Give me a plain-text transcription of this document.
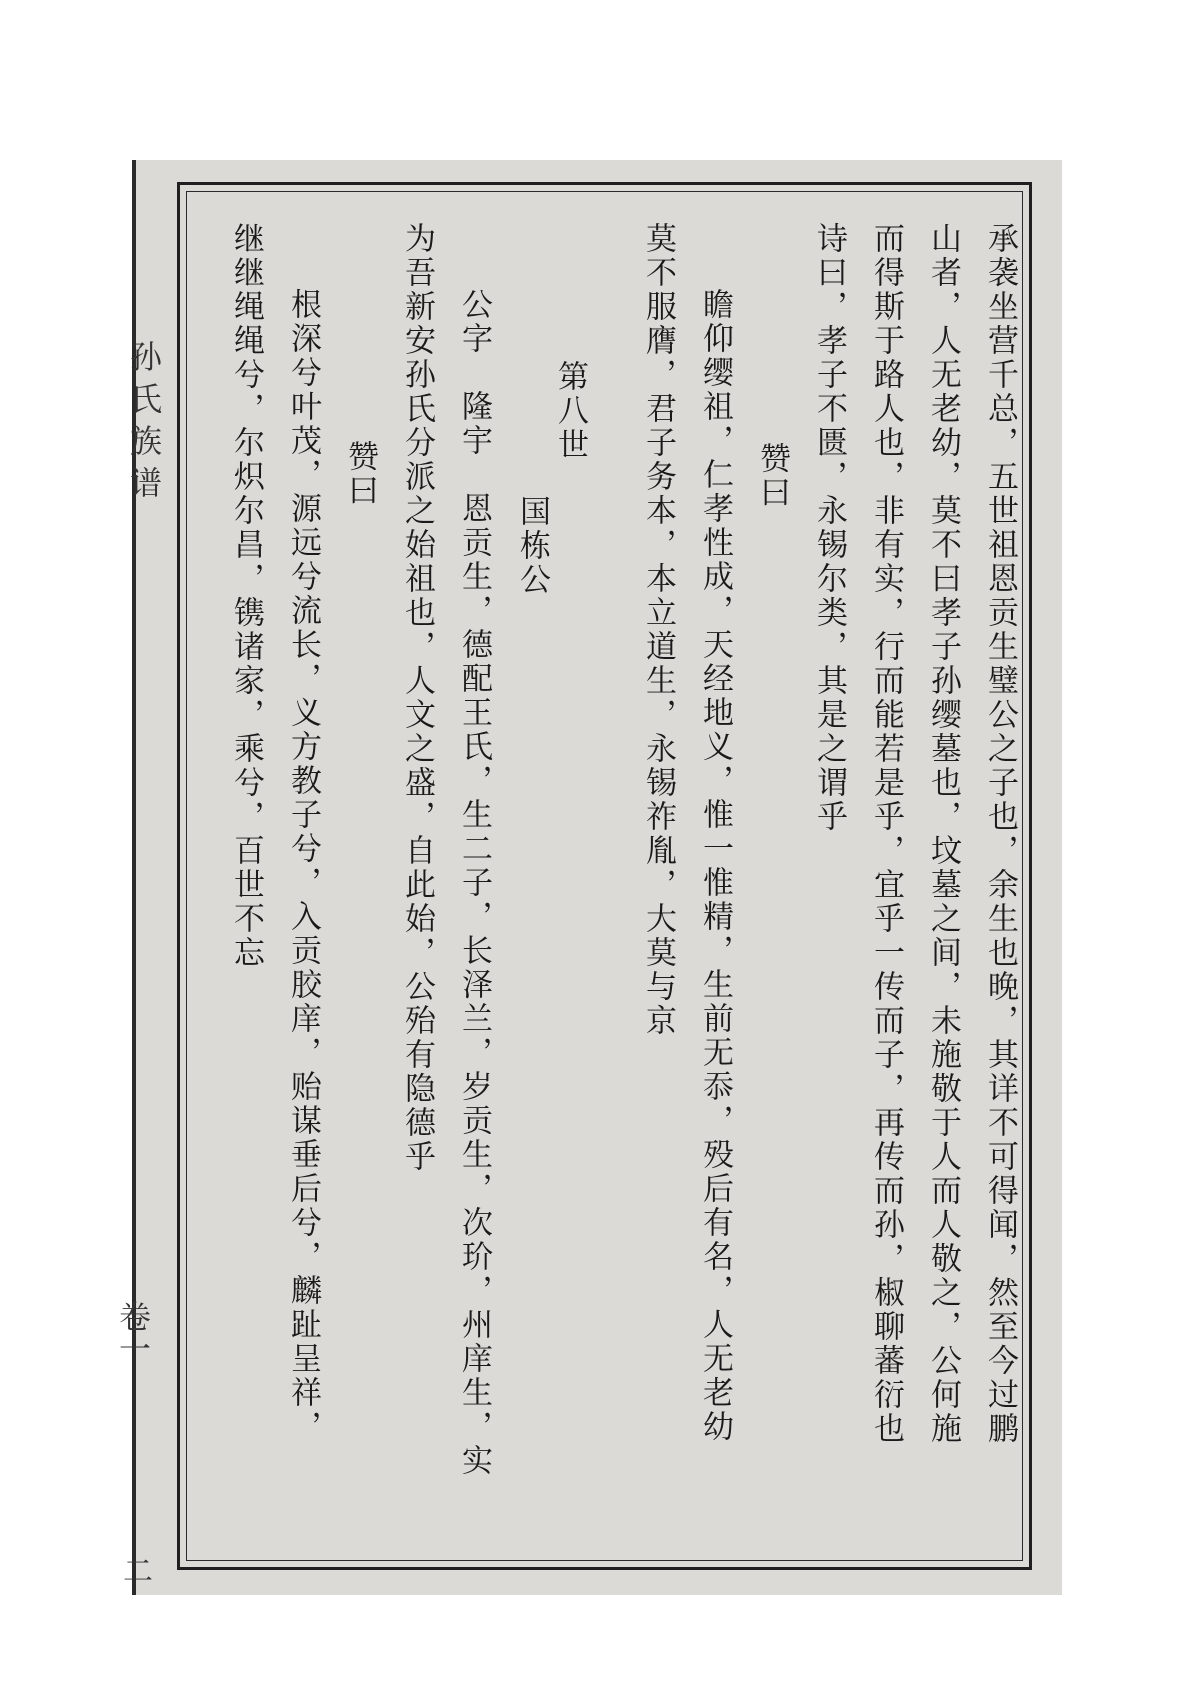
孙氏族谱
卷一
二
承袭坐营千总，五世祖恩贡生璧公之子也，余生也晚，其详不可得闻，然至今过鹏
山者，人无老幼，莫不曰孝子孙缨墓也，坟墓之间，未施敬于人而人敬之，公何施
而得斯于路人也，非有实，行而能若是乎，宜乎一传而子，再传而孙，椒聊蕃衍也
诗曰，孝子不匮，永锡尔类，其是之谓乎
赞曰
瞻仰缨祖，仁孝性成，天经地义，惟一惟精，生前无忝，殁后有名，人无老幼
莫不服膺，君子务本，本立道生，永锡祚胤，大莫与京
第八世
国栋公
公字　隆宇　恩贡生，德配王氏，生二子，长泽兰，岁贡生，次玠，州庠生，实
为吾新安孙氏分派之始祖也，人文之盛，自此始，公殆有隐德乎
赞曰
根深兮叶茂，源远兮流长，义方教子兮，入贡胶庠，贻谋垂后兮，麟趾呈祥，
继继绳绳兮，尔炽尔昌，镌诸家，乘兮，百世不忘
